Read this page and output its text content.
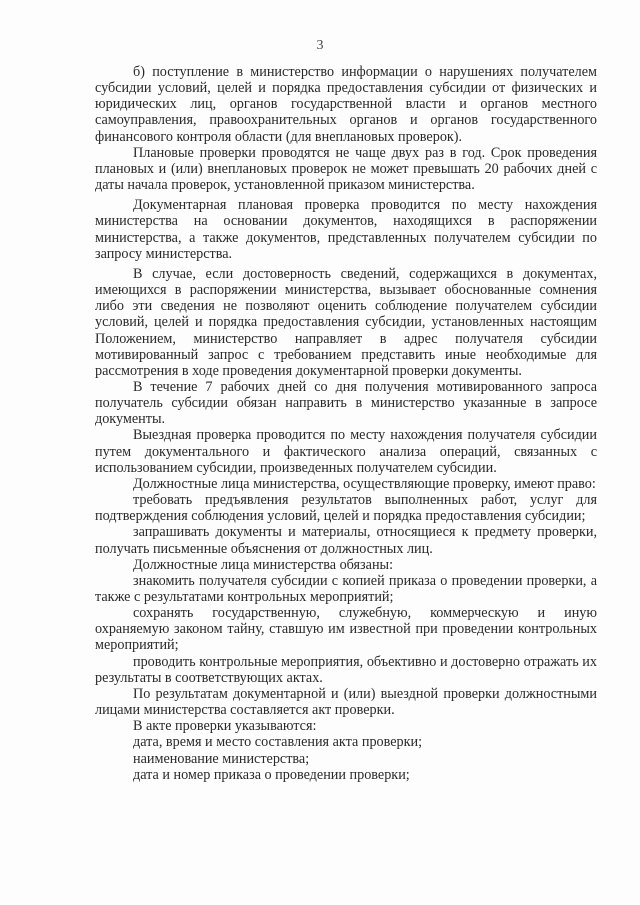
3

б) поступление в министерство информации о нарушениях получателем субсидии условий, целей и порядка предоставления субсидии от физических и юридических лиц, органов государственной власти и органов местного самоуправления, правоохранительных органов и органов государственного финансового контроля области (для внеплановых проверок).

Плановые проверки проводятся не чаще двух раз в год. Срок проведения плановых и (или) внеплановых проверок не может превышать 20 рабочих дней с даты начала проверок, установленной приказом министерства.

Документарная плановая проверка проводится по месту нахождения министерства на основании документов, находящихся в распоряжении министерства, а также документов, представленных получателем субсидии по запросу министерства.

В случае, если достоверность сведений, содержащихся в документах, имеющихся в распоряжении министерства, вызывает обоснованные сомнения либо эти сведения не позволяют оценить соблюдение получателем субсидии условий, целей и порядка предоставления субсидии, установленных настоящим Положением, министерство направляет в адрес получателя субсидии мотивированный запрос с требованием представить иные необходимые для рассмотрения в ходе проведения документарной проверки документы.

В течение 7 рабочих дней со дня получения мотивированного запроса получатель субсидии обязан направить в министерство указанные в запросе документы.

Выездная проверка проводится по месту нахождения получателя субсидии путем документального и фактического анализа операций, связанных с использованием субсидии, произведенных получателем субсидии.

Должностные лица министерства, осуществляющие проверку, имеют право:

требовать предъявления результатов выполненных работ, услуг для подтверждения соблюдения условий, целей и порядка предоставления субсидии;

запрашивать документы и материалы, относящиеся к предмету проверки, получать письменные объяснения от должностных лиц.

Должностные лица министерства обязаны:

знакомить получателя субсидии с копией приказа о проведении проверки, а также с результатами контрольных мероприятий;

сохранять государственную, служебную, коммерческую и иную охраняемую законом тайну, ставшую им известной при проведении контрольных мероприятий;

проводить контрольные мероприятия, объективно и достоверно отражать их результаты в соответствующих актах.

По результатам документарной и (или) выездной проверки должностными лицами министерства составляется акт проверки.

В акте проверки указываются:

дата, время и место составления акта проверки;

наименование министерства;

дата и номер приказа о проведении проверки;
